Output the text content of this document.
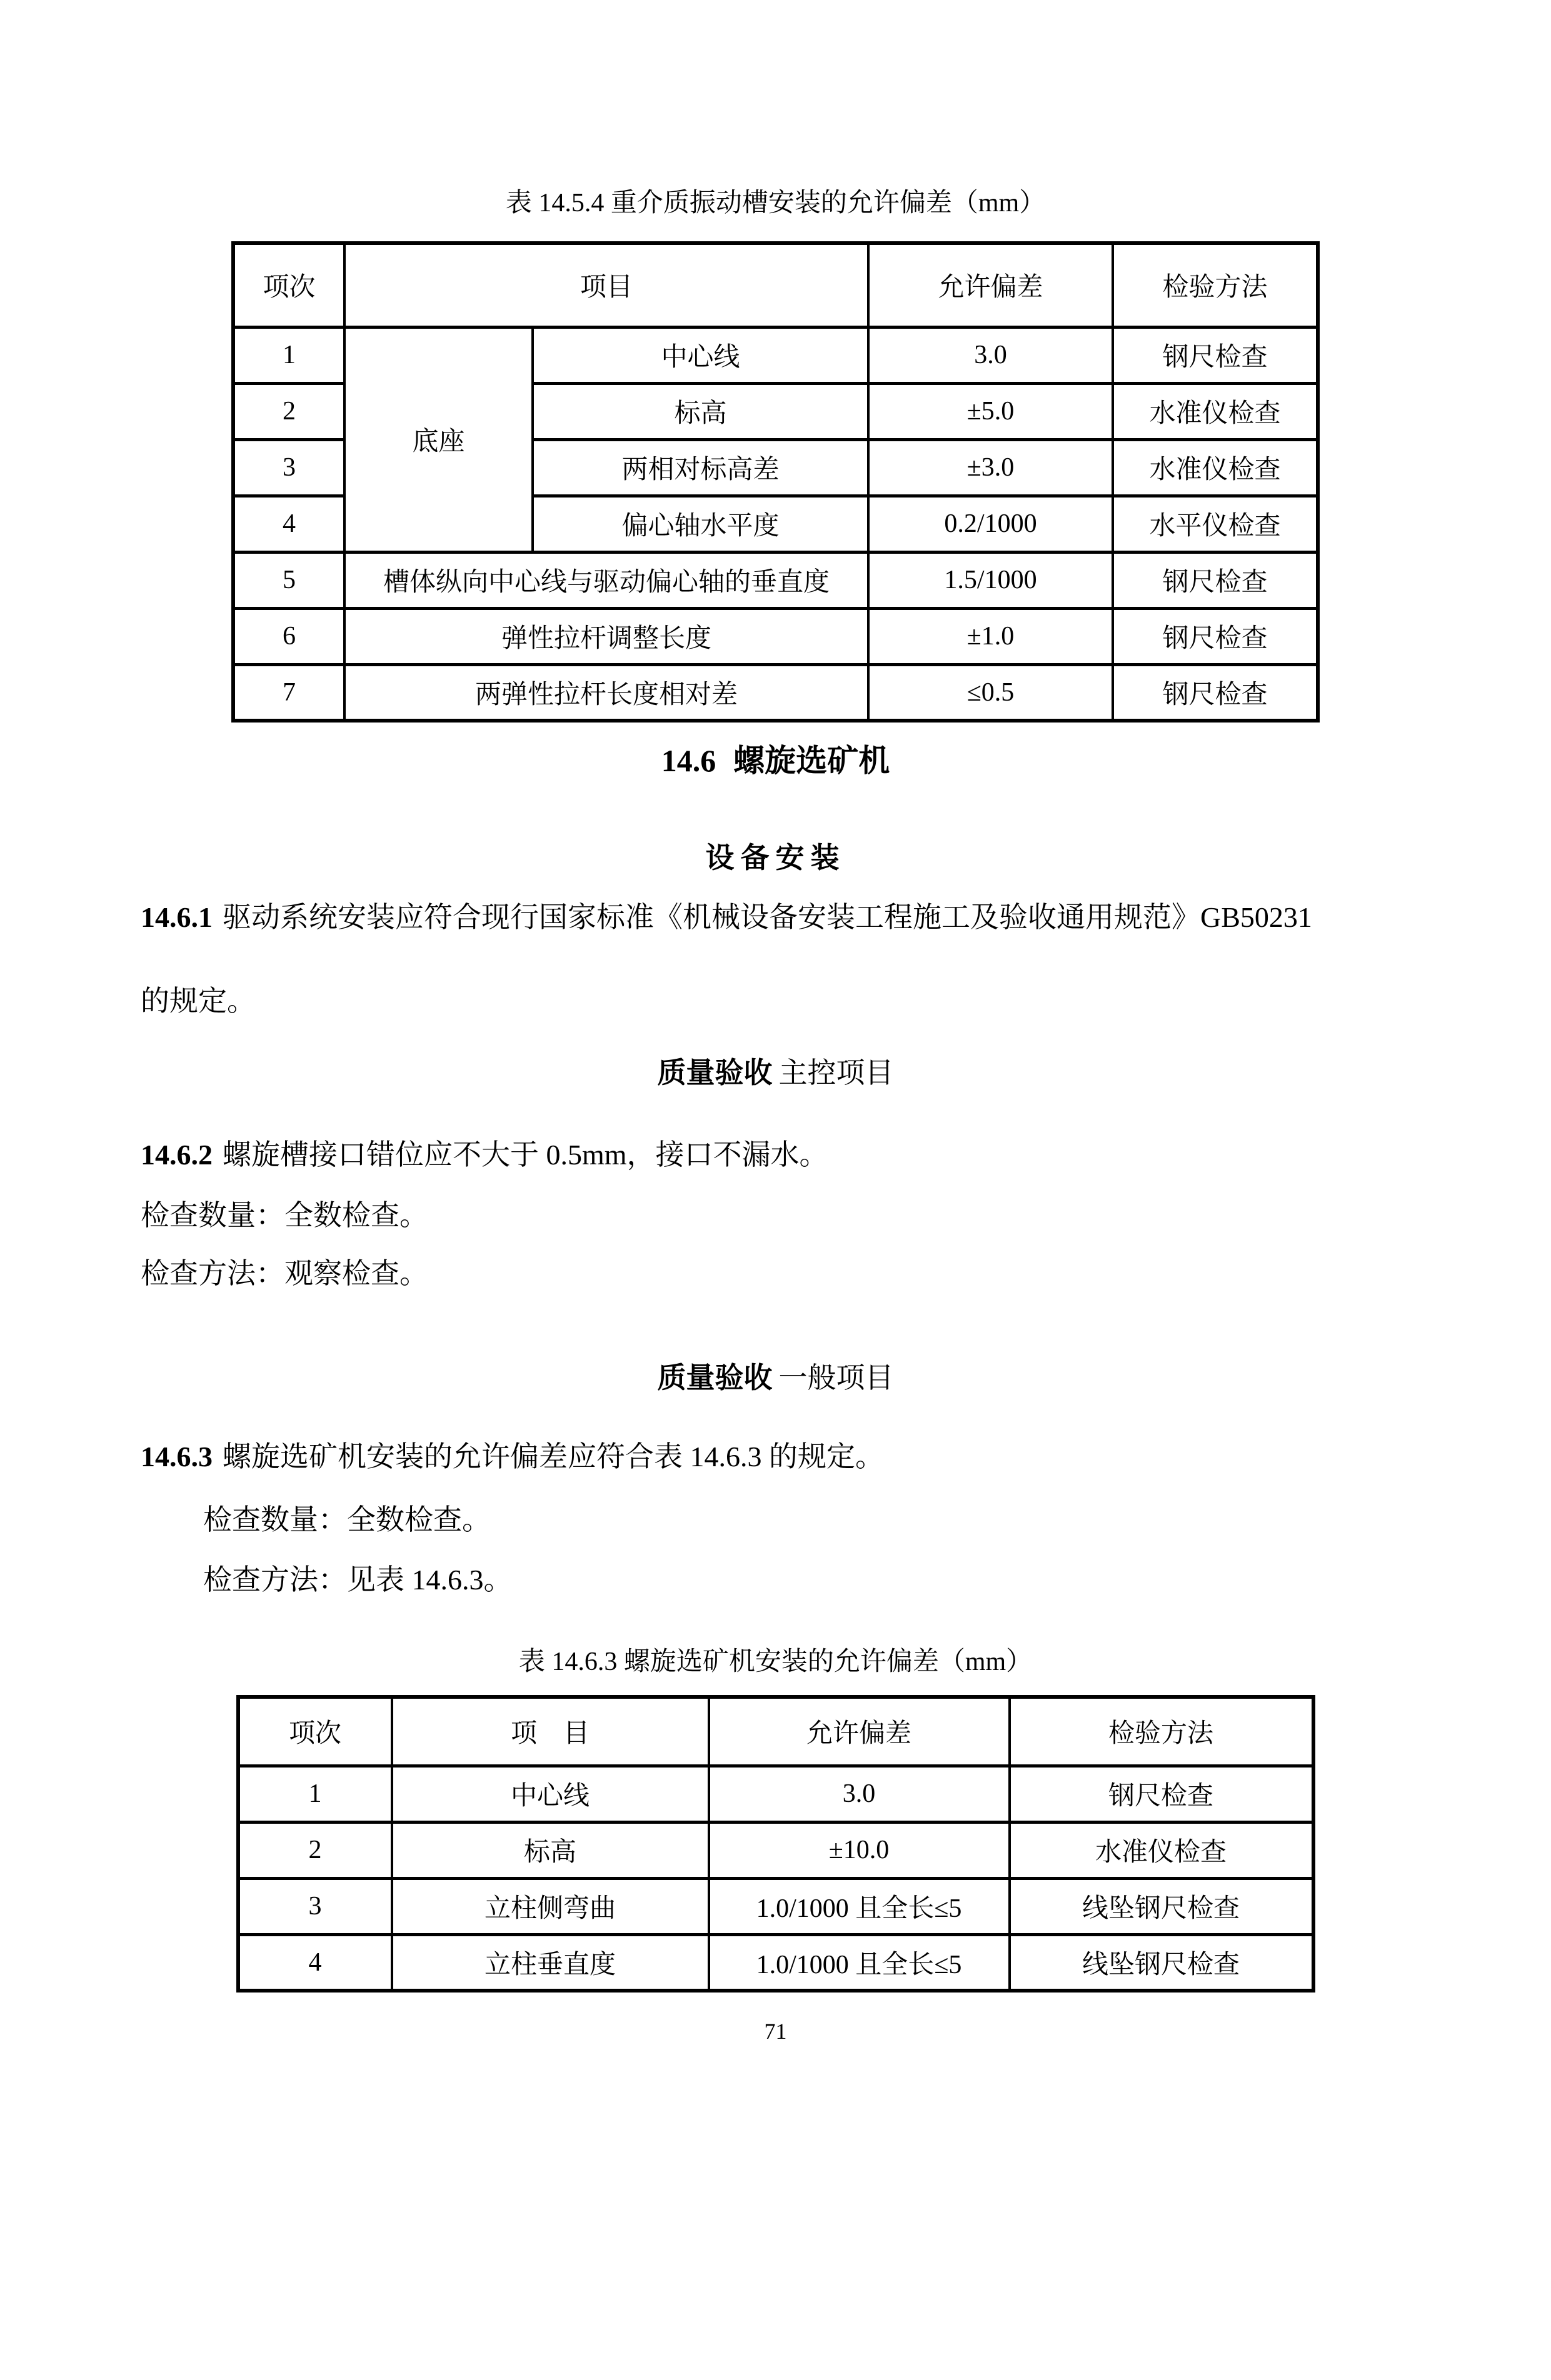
表 14.5.4 重介质振动槽安装的允许偏差（mm）
项次	项目		允许偏差	检验方法
1	底座	中心线	3.0	钢尺检查
2		标高	±5.0	水准仪检查
3		两相对标高差	±3.0	水准仪检查
4		偏心轴水平度	0.2/1000	水平仪检查
5	槽体纵向中心线与驱动偏心轴的垂直度		1.5/1000	钢尺检查
6	弹性拉杆调整长度		±1.0	钢尺检查
7	两弹性拉杆长度相对差		≤0.5	钢尺检查
14.6 螺旋选矿机
设备安装
14.6.1 驱动系统安装应符合现行国家标准《机械设备安装工程施工及验收通用规范》GB50231
的规定。
质量验收 主控项目
14.6.2 螺旋槽接口错位应不大于 0.5mm，接口不漏水。
检查数量：全数检查。
检查方法：观察检查。
质量验收 一般项目
14.6.3 螺旋选矿机安装的允许偏差应符合表 14.6.3 的规定。
检查数量：全数检查。
检查方法：见表 14.6.3。
表 14.6.3 螺旋选矿机安装的允许偏差（mm）
项次	项　目	允许偏差	检验方法
1	中心线	3.0	钢尺检查
2	标高	±10.0	水准仪检查
3	立柱侧弯曲	1.0/1000 且全长≤5	线坠钢尺检查
4	立柱垂直度	1.0/1000 且全长≤5	线坠钢尺检查
71
